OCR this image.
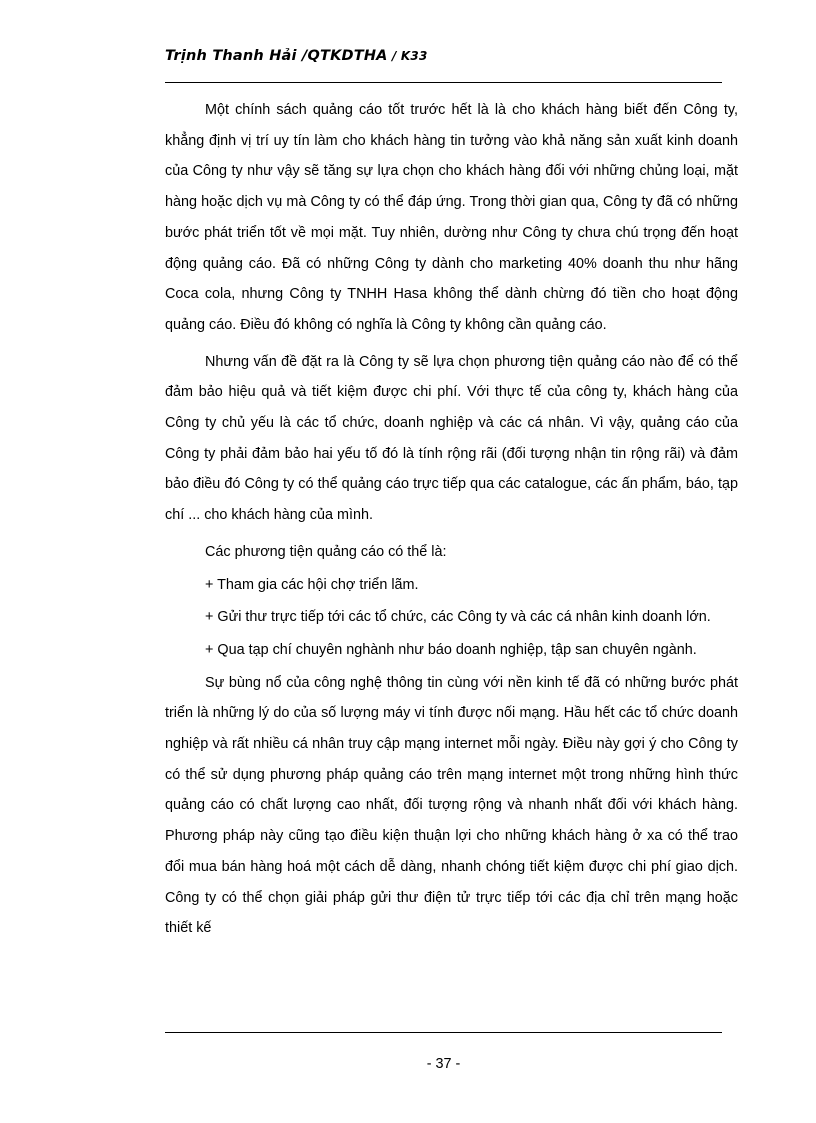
Trịnh Thanh Hải /QTKDTHA / K33

Một chính sách quảng cáo tốt trước hết là là cho khách hàng biết đến Công ty, khẳng định vị trí uy tín làm cho khách hàng tin tưởng vào khả năng sản xuất kinh doanh của Công ty như vậy sẽ tăng sự lựa chọn cho khách hàng đối với những chủng loại, mặt hàng hoặc dịch vụ mà Công ty có thể đáp ứng. Trong thời gian qua, Công ty đã có những bước phát triển tốt về mọi mặt. Tuy nhiên, dường như Công ty chưa chú trọng đến hoạt động quảng cáo. Đã có những Công ty dành cho marketing 40% doanh thu như hãng Coca cola, nhưng Công ty TNHH Hasa không thể dành chừng đó tiền cho hoạt động quảng cáo. Điều đó không có nghĩa là Công ty không cần quảng cáo.

Nhưng vấn đề đặt ra là Công ty sẽ lựa chọn phương tiện quảng cáo nào để có thể đảm bảo hiệu quả và tiết kiệm được chi phí. Với thực tế của công ty, khách hàng của Công ty chủ yếu là các tổ chức, doanh nghiệp và các cá nhân. Vì vậy, quảng cáo của Công ty phải đảm bảo hai yếu tố đó là tính rộng rãi (đối tượng nhận tin rộng rãi) và đảm bảo điều đó Công ty có thể quảng cáo trực tiếp qua các catalogue, các ấn phẩm, báo, tạp chí ... cho khách hàng của mình.

Các phương tiện quảng cáo có thể là:

+ Tham gia các hội chợ triển lãm.

+ Gửi thư trực tiếp tới các tổ chức, các Công ty và các cá nhân kinh doanh lớn.

+ Qua tạp chí chuyên nghành như báo doanh nghiệp, tập san chuyên ngành.

Sự bùng nổ của công nghệ thông tin cùng với nền kinh tế đã có những bước phát triển là những lý do của số lượng máy vi tính được nối mạng. Hầu hết các tổ chức doanh nghiệp và rất nhiều cá nhân truy cập mạng internet mỗi ngày. Điều này gợi ý cho Công ty có thể sử dụng phương pháp quảng cáo trên mạng internet một trong những hình thức quảng cáo có chất lượng cao nhất, đối tượng rộng và nhanh nhất đối với khách hàng. Phương pháp này cũng tạo điều kiện thuận lợi cho những khách hàng ở xa có thể trao đổi mua bán hàng hoá một cách dễ dàng, nhanh chóng tiết kiệm được chi phí giao dịch. Công ty có thể chọn giải pháp gửi thư điện tử trực tiếp tới các địa chỉ trên mạng hoặc thiết kế

- 37 -
